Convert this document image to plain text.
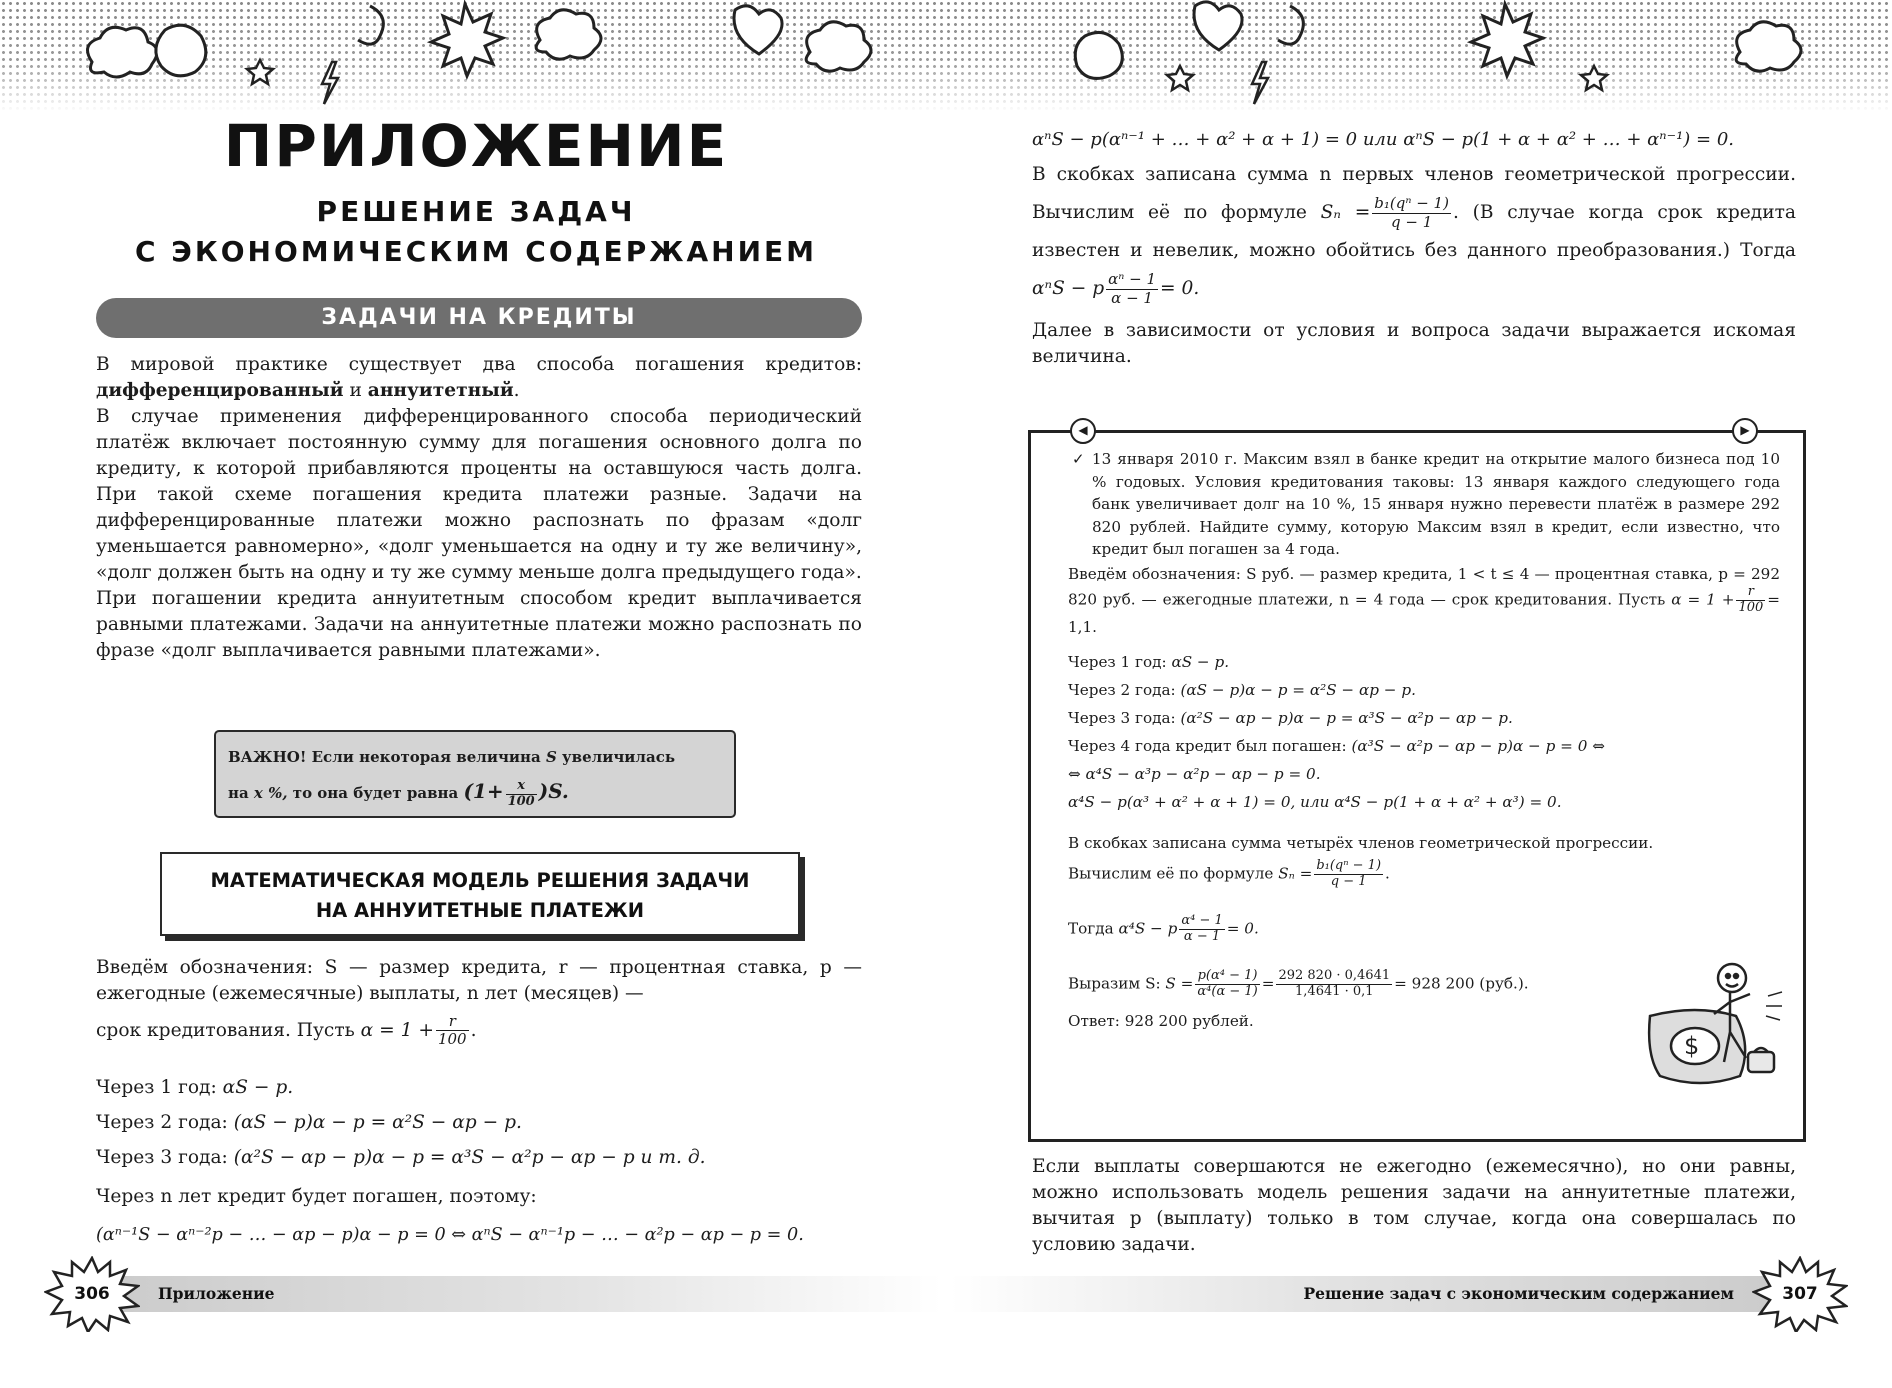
ПРИЛОЖЕНИЕ
РЕШЕНИЕ ЗАДАЧ
С ЭКОНОМИЧЕСКИМ СОДЕРЖАНИЕМ
ЗАДАЧИ НА КРЕДИТЫ

В мировой практике существует два способа погашения кредитов: дифференцированный и аннуитетный.

В случае применения дифференцированного способа периодический платёж включает постоянную сумму для погашения основного долга по кредиту, к которой прибавляются проценты на оставшуюся часть долга. При такой схеме погашения кредита платежи разные. Задачи на дифференцированные платежи можно распознать по фразам «долг уменьшается равномерно», «долг уменьшается на одну и ту же величину», «долг должен быть на одну и ту же сумму меньше долга предыдущего года».

При погашении кредита аннуитетным способом кредит выплачивается равными платежами. Задачи на аннуитетные платежи можно распознать по фразе «долг выплачивается равными платежами».

ВАЖНО! Если некоторая величина S увеличилась
на x %, то она будет равна $(1+ \frac{x}{100} )S$.
МАТЕМАТИЧЕСКАЯ МОДЕЛЬ РЕШЕНИЯ ЗАДАЧИ
НА АННУИТЕТНЫЕ ПЛАТЕЖИ

Введём обозначения: S — размер кредита, r — процентная ставка, p — ежегодные (ежемесячные) выплаты, n лет (месяцев) —

срок кредитования. Пусть $\alpha = 1 + \frac{r}{100}$ .

Через 1 год: αS − p.

Через 2 года: (αS − p)α − p = α²S − αp − p.

Через 3 года: (α²S − αp − p)α − p = α³S − α²p − αp − p и т. д.

Через n лет кредит будет погашен, поэтому:

(αⁿ⁻¹S − αⁿ⁻²p − … − αp − p)α − p = 0 ⇔ αⁿS − αⁿ⁻¹p − … − α²p − αp − p = 0.

Приложение
306

αⁿS − p(αⁿ⁻¹ + … + α² + α + 1) = 0 или αⁿS − p(1 + α + α² + … + αⁿ⁻¹) = 0.

В скобках записана сумма n первых членов геометрической прогрессии. Вычислим её по формуле $S_n = \frac{\text{b₁(qⁿ − 1)}}{q - 1}$ . (В случае когда срок кредита известен и невелик, можно обойтись без данного преобразования.) Тогда αⁿS − p $\frac{\text{αⁿ − 1}}{\alpha - 1} = 0$.

Далее в зависимости от условия и вопроса задачи выражается искомая величина.

◀	▶

✓ 13 января 2010 г. Максим взял в банке кредит на открытие малого бизнеса под 10 % годовых. Условия кредитования таковы: 13 января каждого следующего года банк увеличивает долг на 10 %, 15 января нужно перевести платёж в размере 292 820 рублей. Найдите сумму, которую Максим взял в кредит, если известно, что кредит был погашен за 4 года.

Введём обозначения: S руб. — размер кредита, 1 < t ≤ 4 — процентная ставка, p = 292 820 руб. — ежегодные платежи, n = 4 года — срок кредитования. Пусть $\alpha = 1 + \frac{r}{100} = 1,1$.

Через 1 год: αS − p.

Через 2 года: (αS − p)α − p = α²S − αp − p.

Через 3 года: (α²S − αp − p)α − p = α³S − α²p − αp − p.

Через 4 года кредит был погашен: (α³S − α²p − αp − p)α − p = 0 ⇔

⇔ α⁴S − α³p − α²p − αp − p = 0.

α⁴S − p(α³ + α² + α + 1) = 0, или α⁴S − p(1 + α + α² + α³) = 0.

В скобках записана сумма четырёх членов геометрической прогрессии.

Вычислим её по формуле $S_n = \frac{\text{b₁(qⁿ − 1)}}{q - 1}$ .

Тогда α⁴S − p $\frac{\text{α⁴ − 1}}{\alpha - 1} = 0$.

Выразим S: $S = \frac{\text{p(α⁴ − 1)}}{\text{α⁴(α − 1)}} = \frac{292 820 \cdot 0,4641}{1,4641 \cdot 0,1} = 928$ 200 (руб.).

Ответ: 928 200 рублей.

$

Если выплаты совершаются не ежегодно (ежемесячно), но они равны, можно использовать модель решения задачи на аннуитетные платежи, вычитая p (выплату) только в том случае, когда она совершалась по условию задачи.

Решение задач с экономическим содержанием	307
